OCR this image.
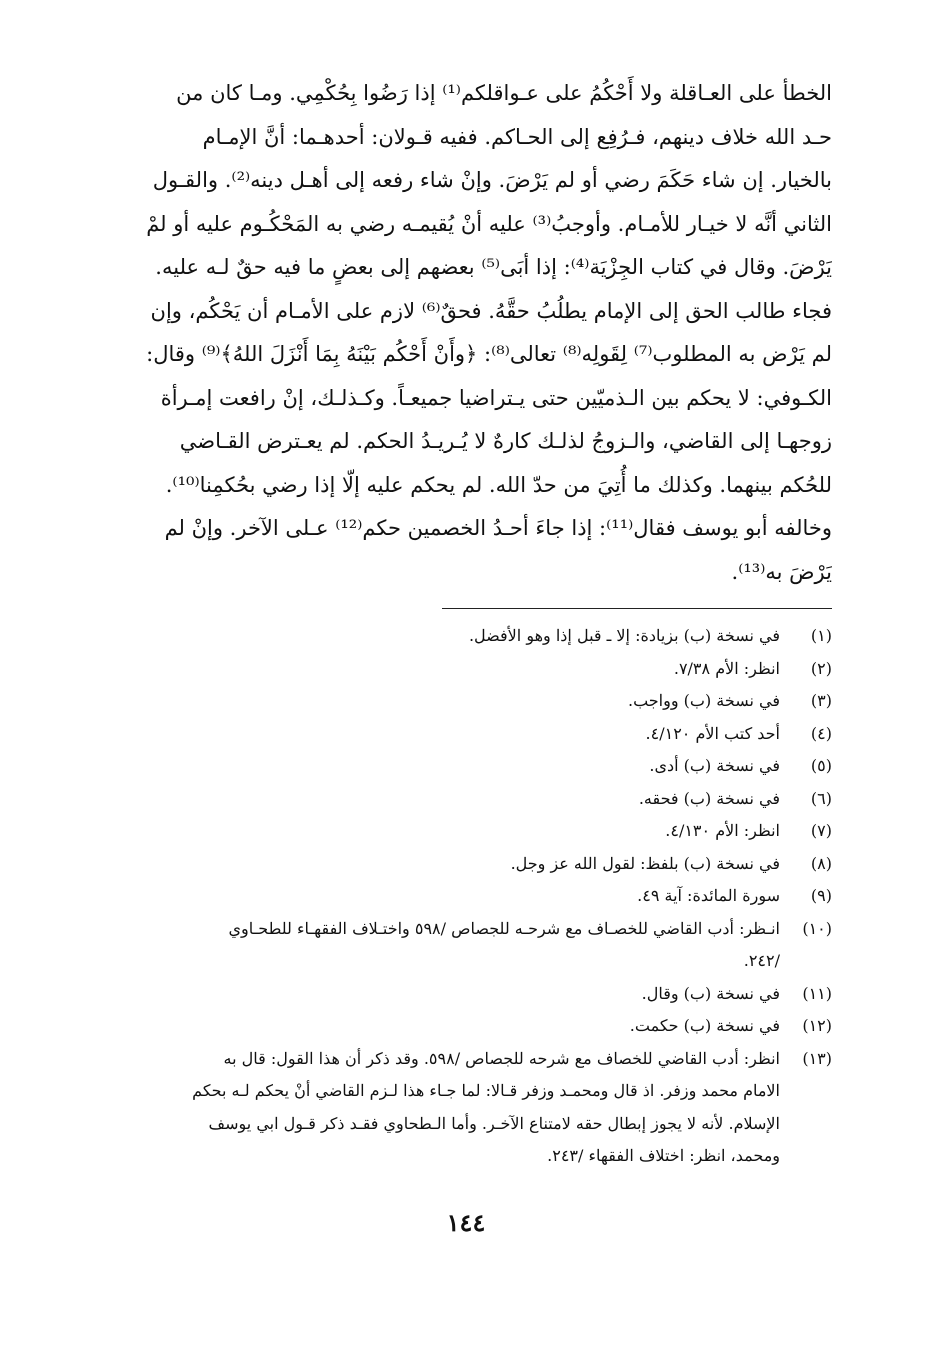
الخطأ على العـاقلة ولا أَحْكُمُ على عـواقلكم⁽¹⁾ إذا رَضُوا بِحُكْمِي. ومـا كان من
حـد الله خلاف دينهم، فـرُفِع إلى الحـاكم. ففيه قـولان: أحدهـما: أنَّ الإمـام
بالخيار. إن شاء حَكَمَ رضي أو لم يَرْضَ. وإنْ شاء رفعه إلى أهـل دينه⁽²⁾. والقـول
الثاني أنَّه لا خيـار للأمـام. وأوجبُ⁽³⁾ عليه أنْ يُقيمـه رضي به المَحْكُـوم عليه أو لمْ
يَرْضَ. وقال في كتاب الجِزْيَة⁽⁴⁾: إذا أبَى⁽⁵⁾ بعضهم إلى بعضٍ ما فيه حقٌ لـه عليه.
فجاء طالب الحق إلى الإمام يطلُبُ حقَّهُ. فحقٌ⁽⁶⁾ لازم على الأمـام أن يَحْكُم، وإن
لم يَرْض به المطلوب⁽⁷⁾ لِقَولِه⁽⁸⁾ تعالى⁽⁸⁾: ﴿وأَنْ أَحْكُم بَيْنَهُ بِمَا أَنْزَلَ اللهُ﴾⁽⁹⁾ وقال:
الكـوفي: لا يحكم بين الـذميّين حتى يـتراضيا جميعـاً. وكـذلـك، إنْ رافعت إمـرأة
زوجهـا إلى القاضي، والـزوجُ لذلـك كارهٌ لا يُـريـدُ الحكم. لم يعـترض القـاضي
للحُكم بينهما. وكذلك ما أُتِيَ من حدّ الله. لم يحكم عليه إلّا إذا رضي بحُكمِنا⁽¹⁰⁾.
وخالفه أبو يوسف فقال⁽¹¹⁾: إذا جاءَ أحـدُ الخصمين حكم⁽¹²⁾ عـلى الآخر. وإنْ لم
يَرْضَ به⁽¹³⁾.
(١)
في نسخة (ب) بزيادة: إلا ـ قبل إذا وهو الأفضل.
(٢)
انظر: الأم ٧/٣٨.
(٣)
في نسخة (ب) وواجب.
(٤)
أحد كتب الأم ٤/١٢٠.
(٥)
في نسخة (ب) أدى.
(٦)
في نسخة (ب) فحقه.
(٧)
انظر: الأم ٤/١٣٠.
(٨)
في نسخة (ب) بلفظ: لقول الله عز وجل.
(٩)
سورة المائدة: آية ٤٩.
(١٠)
انـظر: أدب القاضي للخصـاف مع شرحـه للجصاص /٥٩٨ واختـلاف الفقهـاء للطحـاوي
/٢٤٢.
(١١)
في نسخة (ب) وقال.
(١٢)
في نسخة (ب) حكمت.
(١٣)
انظر: أدب القاضي للخصاف مع شرحه للجصاص /٥٩٨. وقد ذكر أن هذا القول: قال به
الامام محمد وزفر. اذ قال ومحمـد وزفر قـالا: لما جـاء هذا لـزم القاضي أنْ يحكم لـه بحكم
الإسلام. لأنه لا يجوز إبطال حقه لامتناع الآخـر. وأما الـطحاوي فقـد ذكر قـول ابي يوسف
ومحمد، انظر: اختلاف الفقهاء /٢٤٣.
١٤٤
